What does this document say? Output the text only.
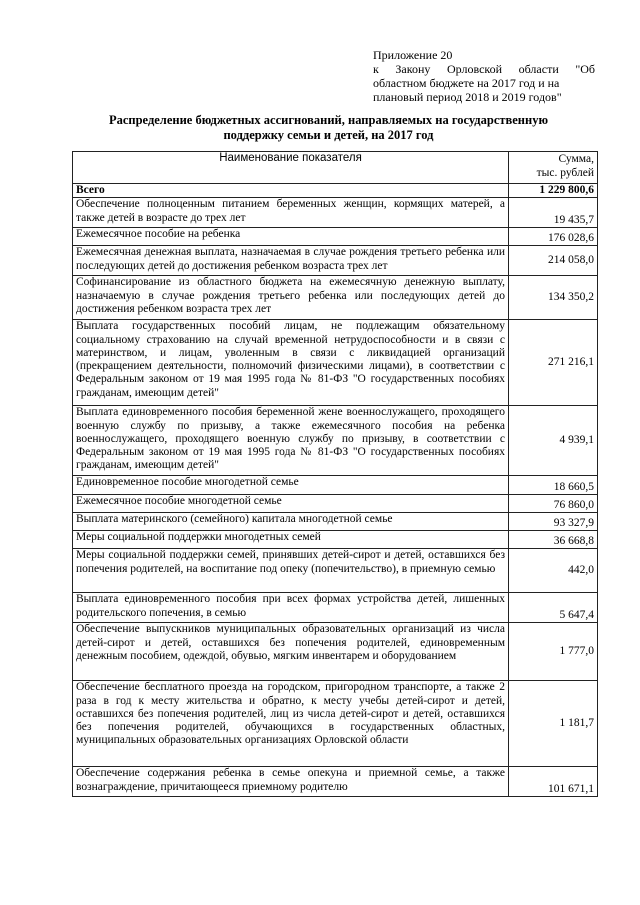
Приложение 20
к Закону Орловской области "Об
областном бюджете на 2017 год и на
плановый период 2018 и 2019 годов"
Распределение бюджетных ассигнований, направляемых на государственную
поддержку семьи и детей, на 2017 год
Наименование показателя	Сумма,
тыс. рублей

Всего	1 229 800,6
Обеспечение полноценным питанием беременных женщин, кормящих матерей, а также детей в возрасте до трех лет	19 435,7
Ежемесячное пособие на ребенка	176 028,6
Ежемесячная денежная выплата, назначаемая в случае рождения третьего ребенка или последующих детей до достижения ребенком возраста трех лет	214 058,0
Софинансирование из областного бюджета на ежемесячную денежную выплату, назначаемую в случае рождения третьего ребенка или последующих детей до достижения ребенком возраста трех лет	134 350,2
Выплата государственных пособий лицам, не подлежащим обязательному социальному страхованию на случай временной нетрудоспособности и в связи с материнством, и лицам, уволенным в связи с ликвидацией организаций (прекращением деятельности, полномочий физическими лицами), в соответствии с Федеральным законом от 19 мая 1995 года № 81-ФЗ "О государственных пособиях гражданам, имеющим детей"	271 216,1
Выплата единовременного пособия беременной жене военнослужащего, проходящего военную службу по призыву, а также ежемесячного пособия на ребенка военнослужащего, проходящего военную службу по призыву, в соответствии с Федеральным законом от 19 мая 1995 года № 81-ФЗ "О государственных пособиях гражданам, имеющим детей"	4 939,1
Единовременное пособие многодетной семье	18 660,5
Ежемесячное пособие многодетной семье	76 860,0
Выплата материнского (семейного) капитала многодетной семье	93 327,9
Меры социальной поддержки многодетных семей	36 668,8
Меры социальной поддержки семей, принявших детей-сирот и детей, оставшихся без попечения родителей, на воспитание под опеку (попечительство), в приемную семью	442,0
Выплата единовременного пособия при всех формах устройства детей, лишенных родительского попечения, в семью	5 647,4
Обеспечение выпускников муниципальных образовательных организаций из числа детей-сирот и детей, оставшихся без попечения родителей, единовременным денежным пособием, одеждой, обувью, мягким инвентарем и оборудованием	1 777,0
Обеспечение бесплатного проезда на городском, пригородном транспорте, а также 2 раза в год к месту жительства и обратно, к месту учебы детей-сирот и детей, оставшихся без попечения родителей, лиц из числа детей-сирот и детей, оставшихся без попечения родителей, обучающихся в государственных областных, муниципальных образовательных организациях Орловской области	1 181,7
Обеспечение содержания ребенка в семье опекуна и приемной семье, а также вознаграждение, причитающееся приемному родителю	101 671,1
